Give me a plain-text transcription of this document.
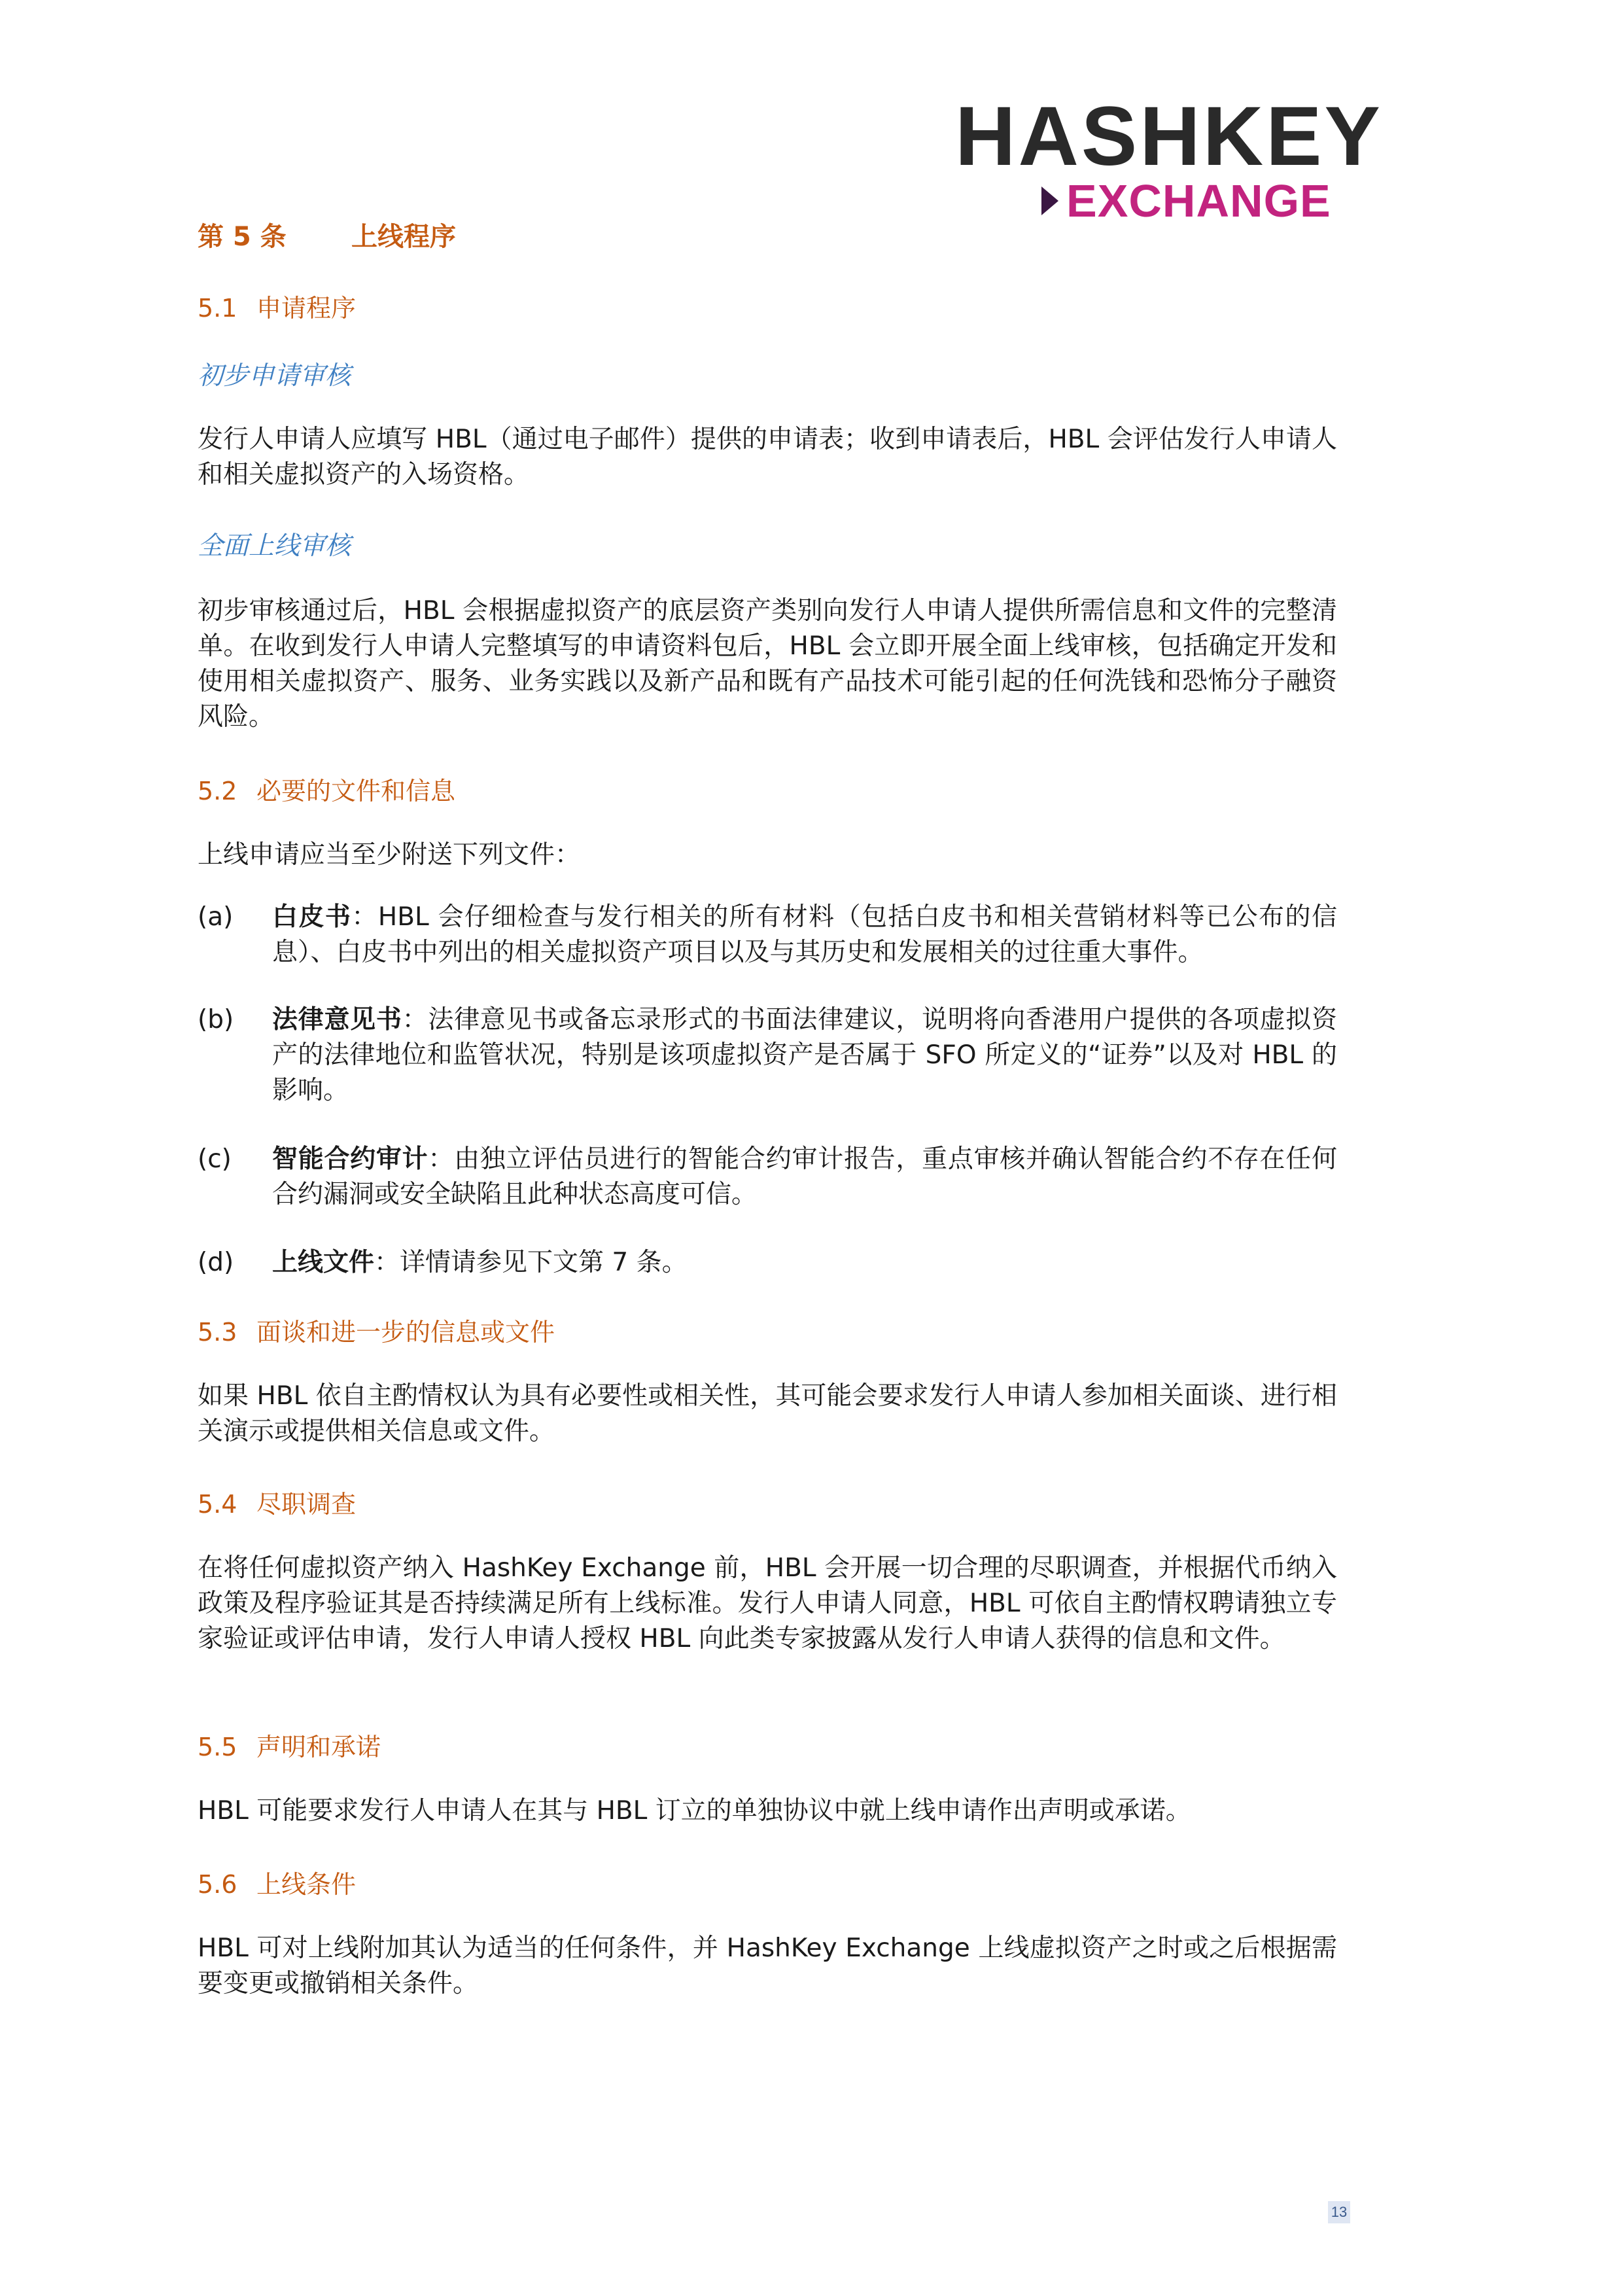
HASHKEY
EXCHANGE
第 5 条 上线程序
5.1 申请程序
初步申请审核
发行人申请人应填写 HBL（通过电子邮件）提供的申请表；收到申请表后，HBL 会评估发行人申请人和相关虚拟资产的入场资格。
全面上线审核
初步审核通过后，HBL 会根据虚拟资产的底层资产类别向发行人申请人提供所需信息和文件的完整清单。在收到发行人申请人完整填写的申请资料包后，HBL 会立即开展全面上线审核，包括确定开发和使用相关虚拟资产、服务、业务实践以及新产品和既有产品技术可能引起的任何洗钱和恐怖分子融资风险。
5.2 必要的文件和信息
上线申请应当至少附送下列文件：
(a) 白皮书：HBL 会仔细检查与发行相关的所有材料（包括白皮书和相关营销材料等已公布的信息）、白皮书中列出的相关虚拟资产项目以及与其历史和发展相关的过往重大事件。
(b) 法律意见书：法律意见书或备忘录形式的书面法律建议，说明将向香港用户提供的各项虚拟资产的法律地位和监管状况，特别是该项虚拟资产是否属于 SFO 所定义的“证券”以及对 HBL 的影响。
(c) 智能合约审计：由独立评估员进行的智能合约审计报告，重点审核并确认智能合约不存在任何合约漏洞或安全缺陷且此种状态高度可信。
(d) 上线文件：详情请参见下文第 7 条。
5.3 面谈和进一步的信息或文件
如果 HBL 依自主酌情权认为具有必要性或相关性，其可能会要求发行人申请人参加相关面谈、进行相关演示或提供相关信息或文件。
5.4 尽职调查
在将任何虚拟资产纳入 HashKey Exchange 前，HBL 会开展一切合理的尽职调查，并根据代币纳入政策及程序验证其是否持续满足所有上线标准。发行人申请人同意，HBL 可依自主酌情权聘请独立专家验证或评估申请，发行人申请人授权 HBL 向此类专家披露从发行人申请人获得的信息和文件。
5.5 声明和承诺
HBL 可能要求发行人申请人在其与 HBL 订立的单独协议中就上线申请作出声明或承诺。
5.6 上线条件
HBL 可对上线附加其认为适当的任何条件，并 HashKey Exchange 上线虚拟资产之时或之后根据需要变更或撤销相关条件。
13
